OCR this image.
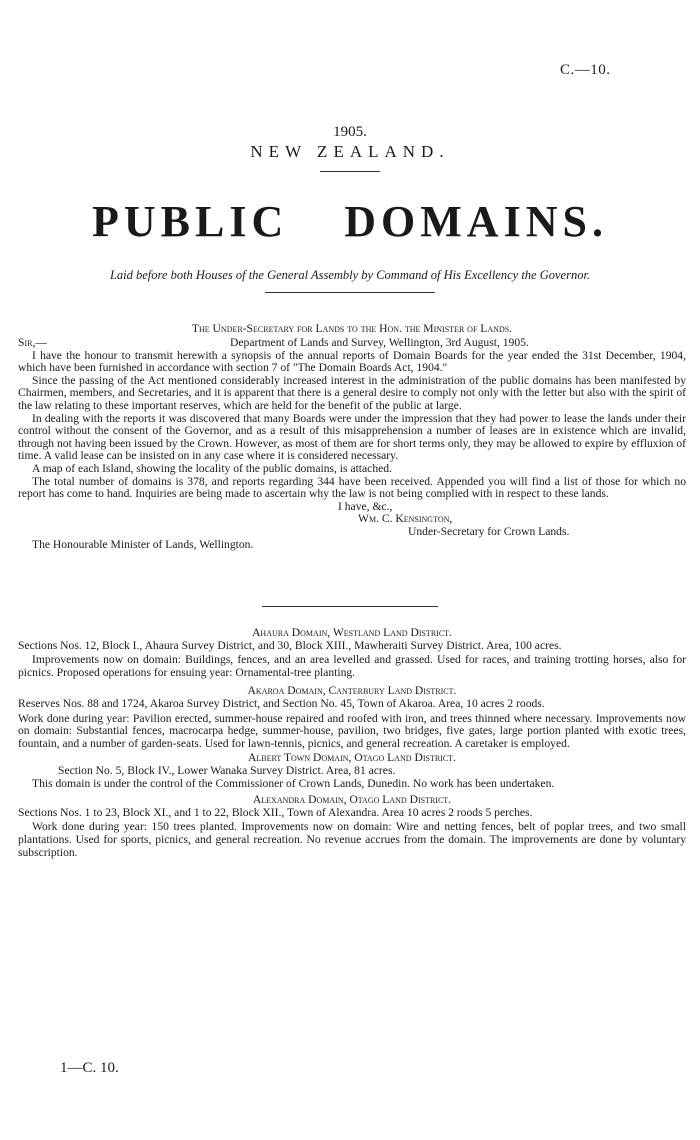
C.—10.
1905.
NEW ZEALAND.
PUBLIC DOMAINS.
Laid before both Houses of the General Assembly by Command of His Excellency the Governor.

The Under-Secretary for Lands to the Hon. the Minister of Lands.

Sir,—	Department of Lands and Survey, Wellington, 3rd August, 1905.

I have the honour to transmit herewith a synopsis of the annual reports of Domain Boards for the year ended the 31st December, 1904, which have been furnished in accordance with section 7 of "The Domain Boards Act, 1904."

Since the passing of the Act mentioned considerably increased interest in the administration of the public domains has been manifested by Chairmen, members, and Secretaries, and it is apparent that there is a general desire to comply not only with the letter but also with the spirit of the law relating to these important reserves, which are held for the benefit of the public at large.

In dealing with the reports it was discovered that many Boards were under the impression that they had power to lease the lands under their control without the consent of the Governor, and as a result of this misapprehension a number of leases are in existence which are invalid, through not having been issued by the Crown. However, as most of them are for short terms only, they may be allowed to expire by effluxion of time. A valid lease can be insisted on in any case where it is considered necessary.

A map of each Island, showing the locality of the public domains, is attached.

The total number of domains is 378, and reports regarding 344 have been received. Appended you will find a list of those for which no report has come to hand. Inquiries are being made to ascertain why the law is not being complied with in respect to these lands.

I have, &c.,

Wm. C. Kensington,

Under-Secretary for Crown Lands.

The Honourable Minister of Lands, Wellington.

Ahaura Domain, Westland Land District.

Sections Nos. 12, Block I., Ahaura Survey District, and 30, Block XIII., Mawheraiti Survey District. Area, 100 acres.

Improvements now on domain: Buildings, fences, and an area levelled and grassed. Used for races, and training trotting horses, also for picnics. Proposed operations for ensuing year: Ornamental-tree planting.

Akaroa Domain, Canterbury Land District.

Reserves Nos. 88 and 1724, Akaroa Survey District, and Section No. 45, Town of Akaroa. Area, 10 acres 2 roods.

Work done during year: Pavilion erected, summer-house repaired and roofed with iron, and trees thinned where necessary. Improvements now on domain: Substantial fences, macrocarpa hedge, summer-house, pavilion, two bridges, five gates, large portion planted with exotic trees, fountain, and a number of garden-seats. Used for lawn-tennis, picnics, and general recreation. A caretaker is employed.

Albert Town Domain, Otago Land District.

Section No. 5, Block IV., Lower Wanaka Survey District. Area, 81 acres.

This domain is under the control of the Commissioner of Crown Lands, Dunedin. No work has been undertaken.

Alexandra Domain, Otago Land District.

Sections Nos. 1 to 23, Block XI., and 1 to 22, Block XII., Town of Alexandra. Area 10 acres 2 roods 5 perches.

Work done during year: 150 trees planted. Improvements now on domain: Wire and netting fences, belt of poplar trees, and two small plantations. Used for sports, picnics, and general recreation. No revenue accrues from the domain. The improvements are done by voluntary subscription.

1—C. 10.
